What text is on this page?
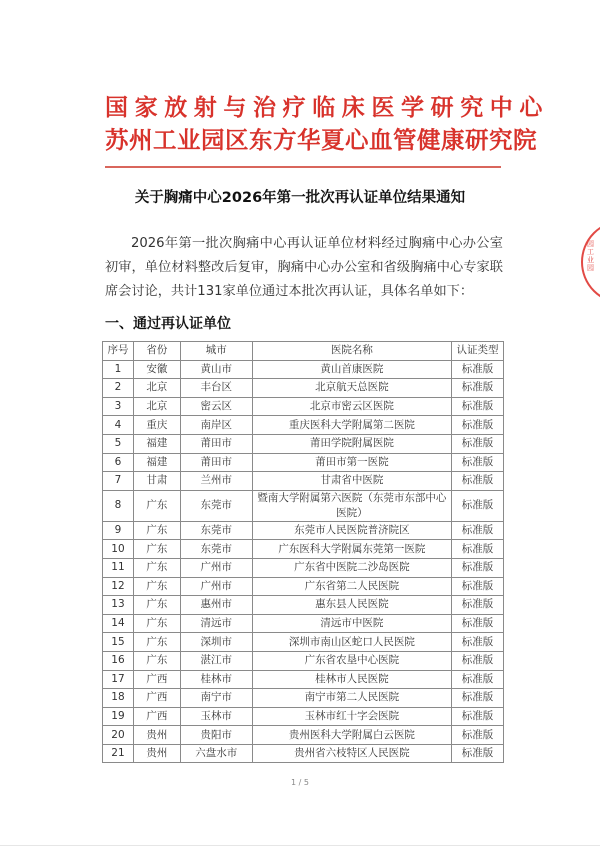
国家放射与治疗临床医学研究中心
苏州工业园区东方华夏心血管健康研究院
关于胸痛中心2026年第一批次再认证单位结果通知
2026年第一批次胸痛中心再认证单位材料经过胸痛中心办公室初审，单位材料整改后复审，胸痛中心办公室和省级胸痛中心专家联席会讨论，共计131家单位通过本批次再认证，具体名单如下：
一、通过再认证单位
序号	省份	城市	医院名称	认证类型
1	安徽	黄山市	黄山首康医院	标准版
2	北京	丰台区	北京航天总医院	标准版
3	北京	密云区	北京市密云区医院	标准版
4	重庆	南岸区	重庆医科大学附属第二医院	标准版
5	福建	莆田市	莆田学院附属医院	标准版
6	福建	莆田市	莆田市第一医院	标准版
7	甘肃	兰州市	甘肃省中医院	标准版
8	广东	东莞市	暨南大学附属第六医院（东莞市东部中心医院）	标准版
9	广东	东莞市	东莞市人民医院普济院区	标准版
10	广东	东莞市	广东医科大学附属东莞第一医院	标准版
11	广东	广州市	广东省中医院二沙岛医院	标准版
12	广东	广州市	广东省第二人民医院	标准版
13	广东	惠州市	惠东县人民医院	标准版
14	广东	清远市	清远市中医院	标准版
15	广东	深圳市	深圳市南山区蛇口人民医院	标准版
16	广东	湛江市	广东省农垦中心医院	标准版
17	广西	桂林市	桂林市人民医院	标准版
18	广西	南宁市	南宁市第二人民医院	标准版
19	广西	玉林市	玉林市红十字会医院	标准版
20	贵州	贵阳市	贵州医科大学附属白云医院	标准版
21	贵州	六盘水市	贵州省六枝特区人民医院	标准版
园工业园
1 / 5
